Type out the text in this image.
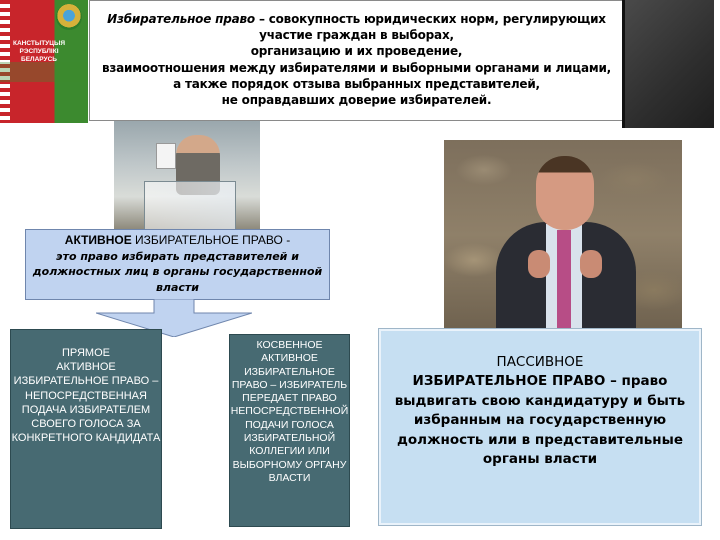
КАНСТЫТУЦЫЯ РЭСПУБЛІКІ БЕЛАРУСЬ
Избирательное право – совокупность юридических норм, регулирующих
участие граждан в выборах,
организацию и их проведение,
взаимоотношения между избирателями и выборными органами и лицами,
а также порядок отзыва выбранных представителей,
не оправдавших доверие избирателей.
АКТИВНОЕ ИЗБИРАТЕЛЬНОЕ ПРАВО -
это право избирать представителей и должностных лиц в органы государственной власти
ПРЯМОЕ
АКТИВНОЕ ИЗБИРАТЕЛЬНОЕ ПРАВО – НЕПОСРЕДСТВЕННАЯ ПОДАЧА ИЗБИРАТЕЛЕМ СВОЕГО ГОЛОСА ЗА КОНКРЕТНОГО КАНДИДАТА
КОСВЕННОЕ
АКТИВНОЕ ИЗБИРАТЕЛЬНОЕ ПРАВО – ИЗБИРАТЕЛЬ ПЕРЕДАЕТ ПРАВО НЕПОСРЕДСТВЕННОЙ ПОДАЧИ ГОЛОСА ИЗБИРАТЕЛЬНОЙ КОЛЛЕГИИ ИЛИ ВЫБОРНОМУ ОРГАНУ ВЛАСТИ
ПАССИВНОЕ
ИЗБИРАТЕЛЬНОЕ ПРАВО – право выдвигать свою кандидатуру и быть избранным на государственную должность или в представительные органы власти
